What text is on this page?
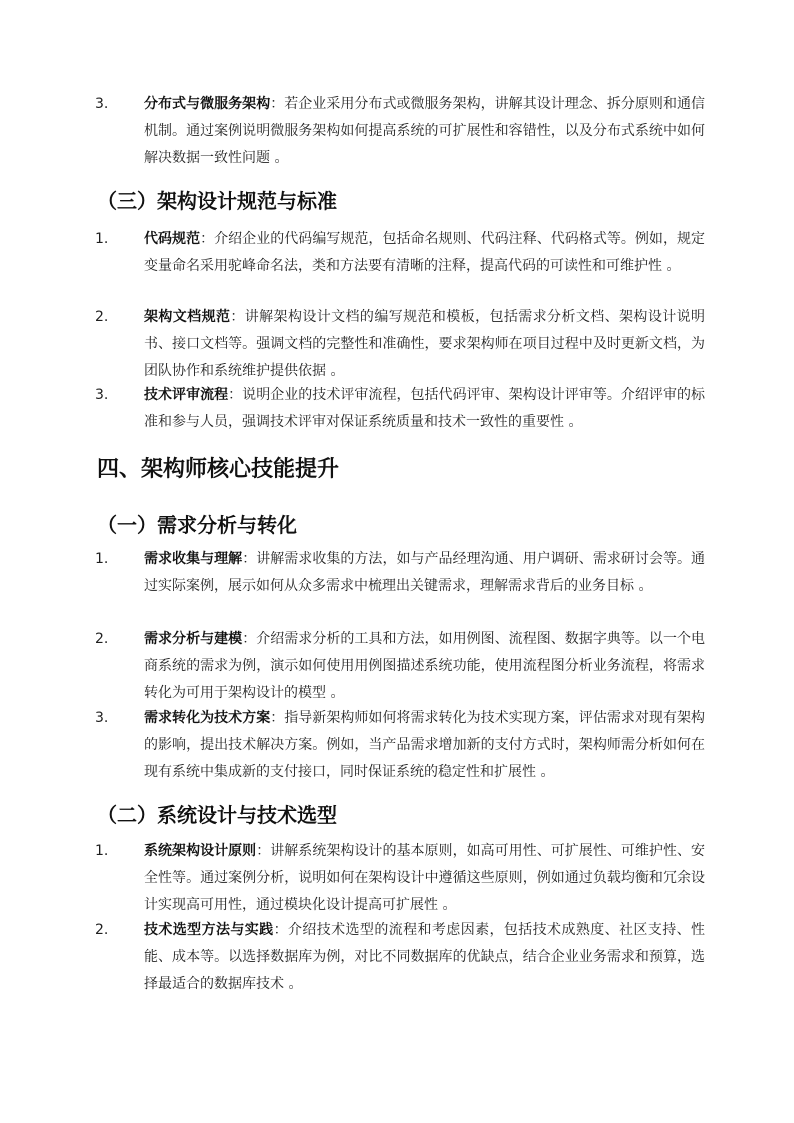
3.	分布式与微服务架构：若企业采用分布式或微服务架构，讲解其设计理念、拆分原则和通信机制。通过案例说明微服务架构如何提高系统的可扩展性和容错性，以及分布式系统中如何解决数据一致性问题 。
（三）架构设计规范与标准
1.	代码规范：介绍企业的代码编写规范，包括命名规则、代码注释、代码格式等。例如，规定变量命名采用驼峰命名法，类和方法要有清晰的注释，提高代码的可读性和可维护性 。
2.	架构文档规范：讲解架构设计文档的编写规范和模板，包括需求分析文档、架构设计说明书、接口文档等。强调文档的完整性和准确性，要求架构师在项目过程中及时更新文档，为团队协作和系统维护提供依据 。
3.	技术评审流程：说明企业的技术评审流程，包括代码评审、架构设计评审等。介绍评审的标准和参与人员，强调技术评审对保证系统质量和技术一致性的重要性 。
四、架构师核心技能提升
（一）需求分析与转化
1.	需求收集与理解：讲解需求收集的方法，如与产品经理沟通、用户调研、需求研讨会等。通过实际案例，展示如何从众多需求中梳理出关键需求，理解需求背后的业务目标 。
2.	需求分析与建模：介绍需求分析的工具和方法，如用例图、流程图、数据字典等。以一个电商系统的需求为例，演示如何使用用例图描述系统功能，使用流程图分析业务流程，将需求转化为可用于架构设计的模型 。
3.	需求转化为技术方案：指导新架构师如何将需求转化为技术实现方案，评估需求对现有架构的影响，提出技术解决方案。例如，当产品需求增加新的支付方式时，架构师需分析如何在现有系统中集成新的支付接口，同时保证系统的稳定性和扩展性 。
（二）系统设计与技术选型
1.	系统架构设计原则：讲解系统架构设计的基本原则，如高可用性、可扩展性、可维护性、安全性等。通过案例分析，说明如何在架构设计中遵循这些原则，例如通过负载均衡和冗余设计实现高可用性，通过模块化设计提高可扩展性 。
2.	技术选型方法与实践：介绍技术选型的流程和考虑因素，包括技术成熟度、社区支持、性能、成本等。以选择数据库为例，对比不同数据库的优缺点，结合企业业务需求和预算，选择最适合的数据库技术 。
